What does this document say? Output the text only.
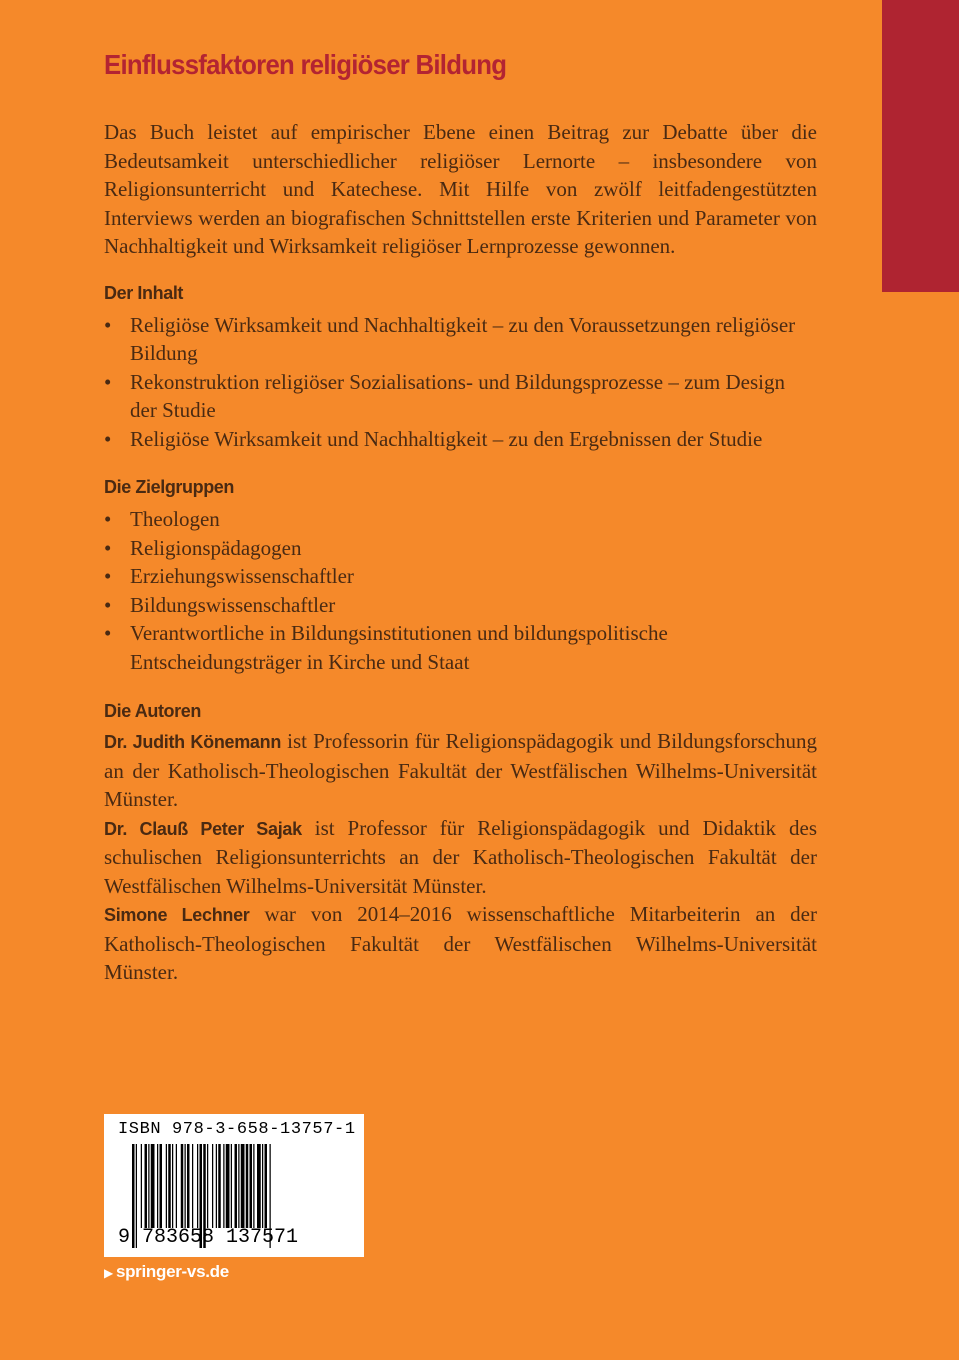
Einflussfaktoren religiöser Bildung

Das Buch leistet auf empirischer Ebene einen Beitrag zur Debatte über die Bedeutsamkeit unterschiedlicher religiöser Lernorte – insbesondere von Religionsunterricht und Katechese. Mit Hilfe von zwölf leitfadengestützten Interviews werden an biografischen Schnittstellen erste Kriterien und Parameter von Nachhaltigkeit und Wirksamkeit religiöser Lernprozesse gewonnen.

Der Inhalt
• Religiöse Wirksamkeit und Nachhaltigkeit – zu den Voraussetzungen religiöser Bildung
• Rekonstruktion religiöser Sozialisations- und Bildungsprozesse – zum Design der Studie
• Religiöse Wirksamkeit und Nachhaltigkeit – zu den Ergebnissen der Studie
Die Zielgruppen
• Theologen
• Religionspädagogen
• Erziehungswissenschaftler
• Bildungswissenschaftler
• Verantwortliche in Bildungsinstitutionen und bildungspolitische Entscheidungsträger in Kirche und Staat
Die Autoren

Dr. Judith Könemann ist Professorin für Religionspädagogik und Bildungsforschung an der Katholisch-Theologischen Fakultät der Westfälischen Wilhelms-Universität Münster.

Dr. Clauß Peter Sajak ist Professor für Religionspädagogik und Didaktik des schulischen Religionsunterrichts an der Katholisch-Theologischen Fakultät der Westfälischen Wilhelms-Universität Münster.

Simone Lechner war von 2014–2016 wissenschaftliche Mitarbeiterin an der Katholisch-Theologischen Fakultät der Westfälischen Wilhelms-Universität Münster.

ISBN 978-3-658-13757-1
9 783658 137571
▶ springer-vs.de
